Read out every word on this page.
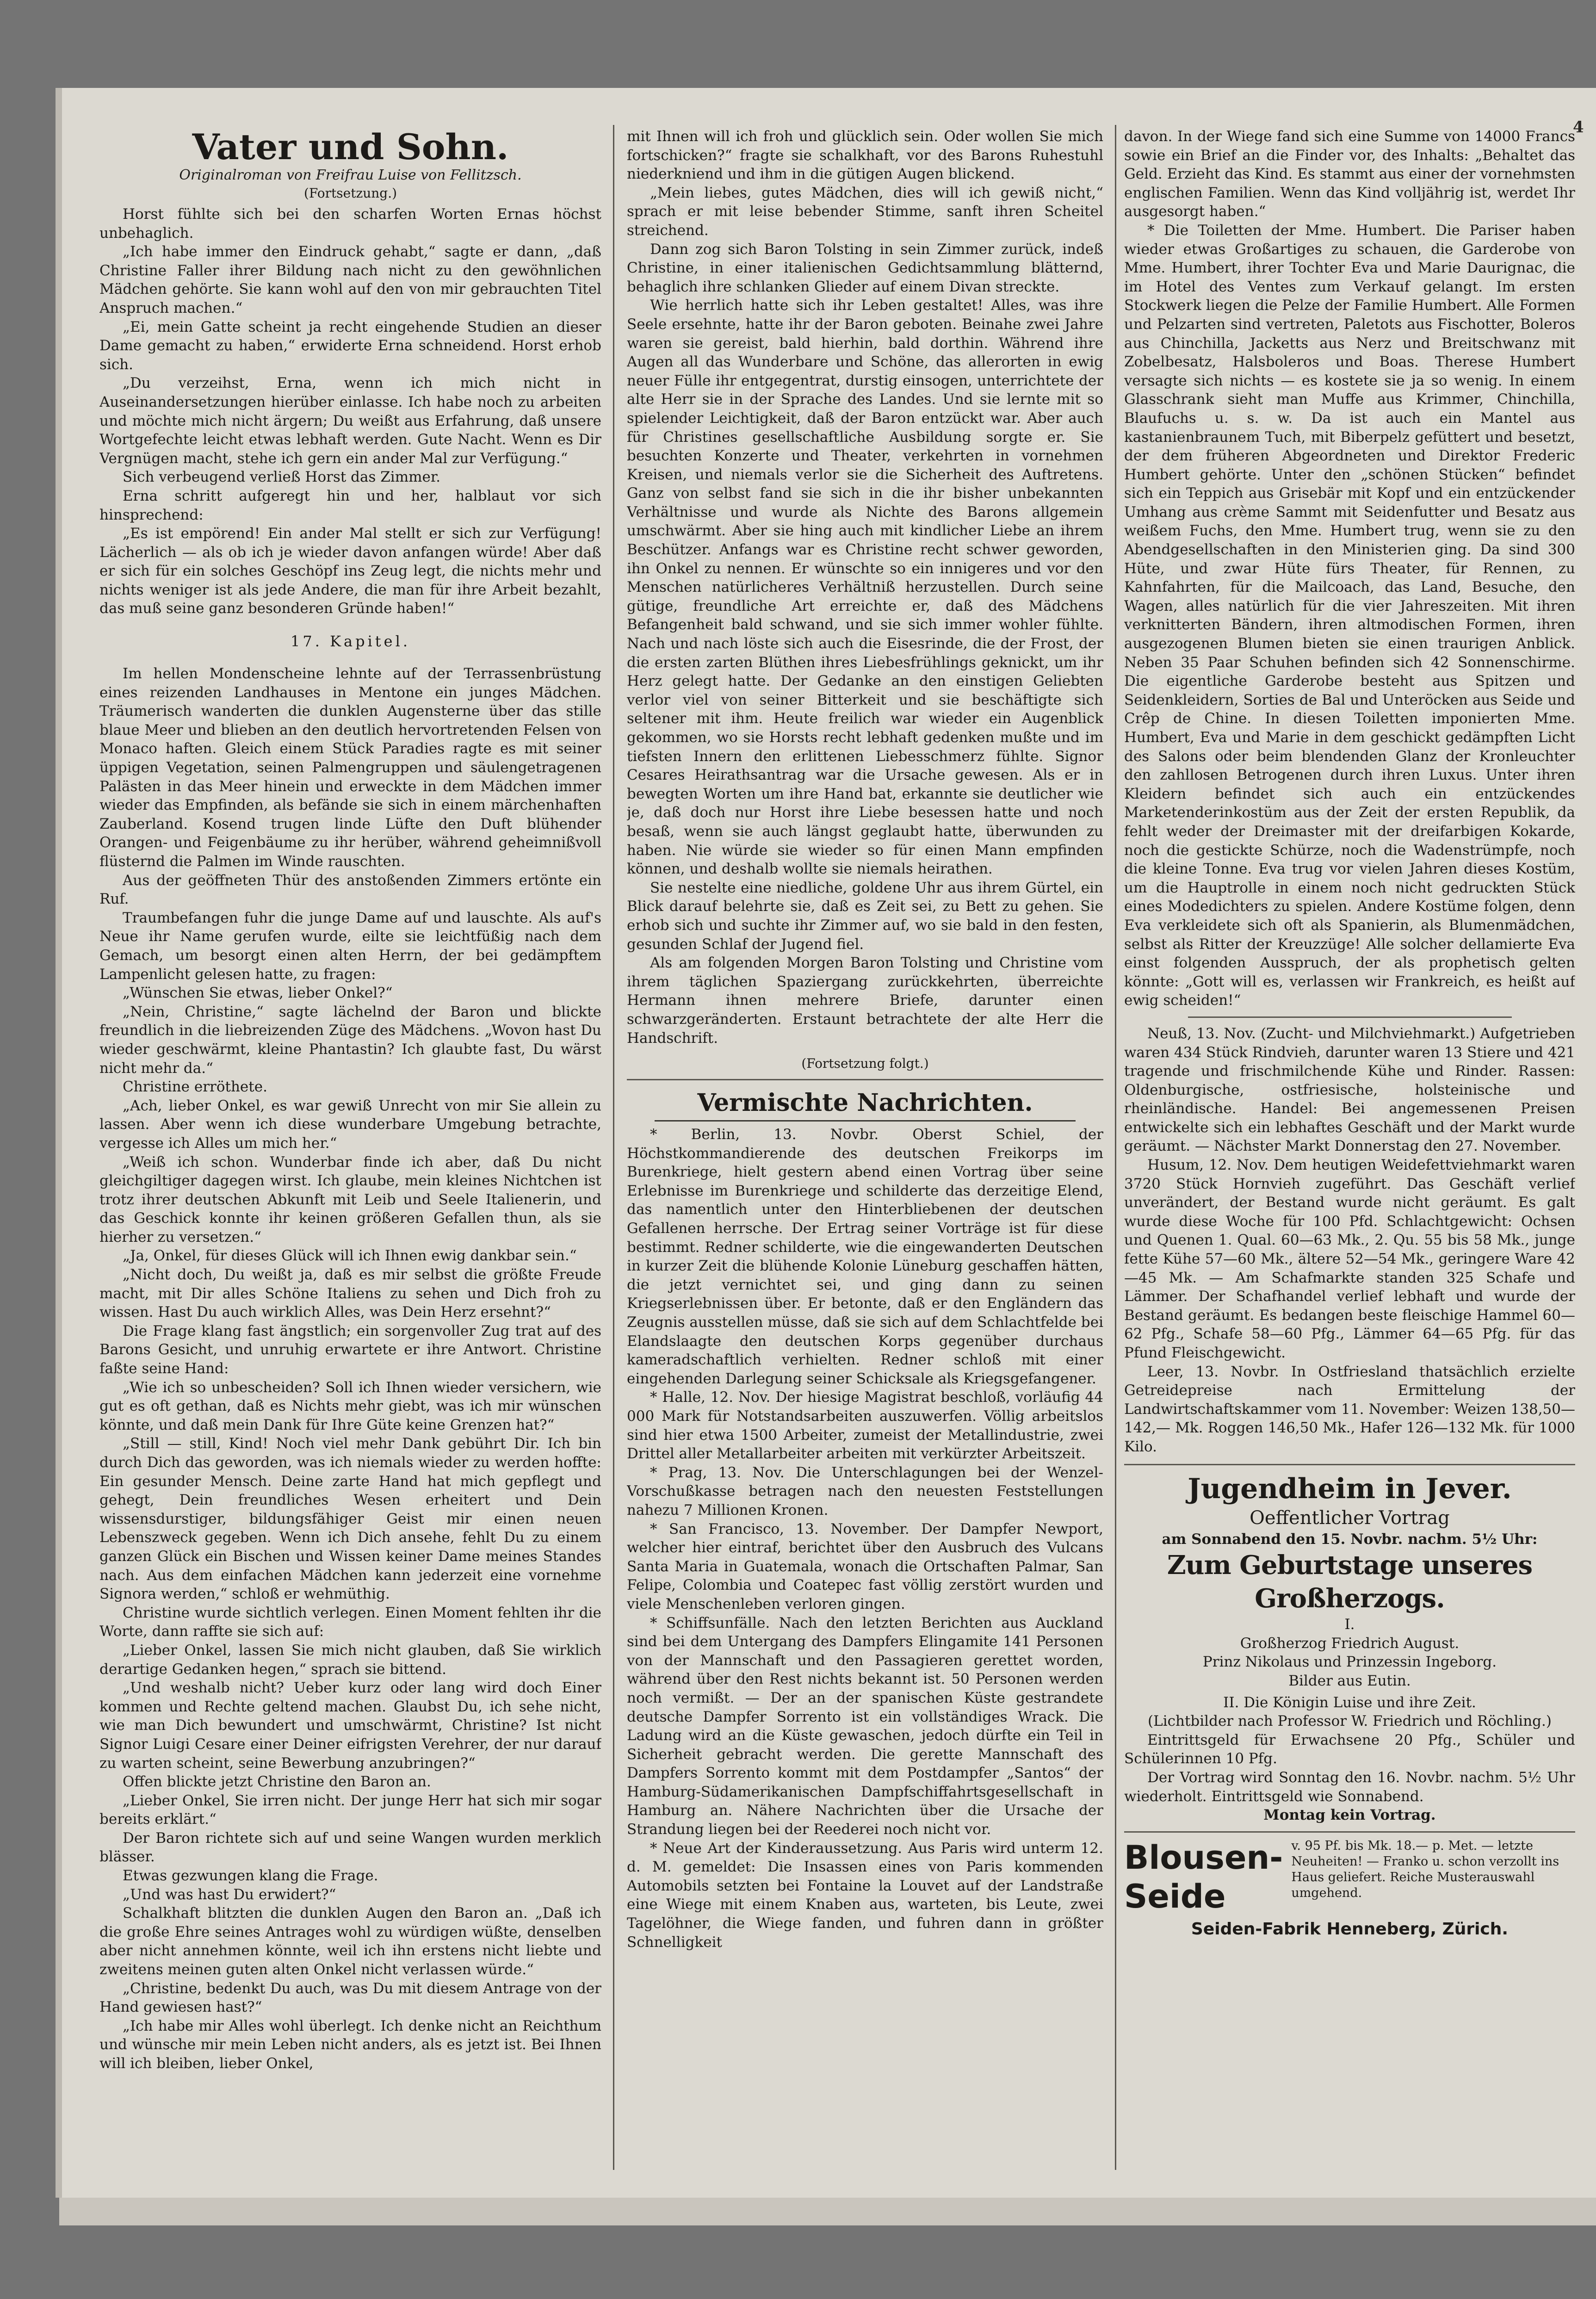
Vater und Sohn.
Originalroman von Freifrau Luise von Fellitzsch.
(Fortsetzung.)

Horst fühlte sich bei den scharfen Worten Ernas höchst unbehaglich.

„Ich habe immer den Eindruck gehabt,“ sagte er dann, „daß Christine Faller ihrer Bildung nach nicht zu den gewöhnlichen Mädchen gehörte. Sie kann wohl auf den von mir gebrauchten Titel Anspruch machen.“

„Ei, mein Gatte scheint ja recht eingehende Studien an dieser Dame gemacht zu haben,“ erwiderte Erna schneidend. Horst erhob sich.

„Du verzeihst, Erna, wenn ich mich nicht in Auseinandersetzungen hierüber einlasse. Ich habe noch zu arbeiten und möchte mich nicht ärgern; Du weißt aus Erfahrung, daß unsere Wortgefechte leicht etwas lebhaft werden. Gute Nacht. Wenn es Dir Vergnügen macht, stehe ich gern ein ander Mal zur Verfügung.“

Sich verbeugend verließ Horst das Zimmer.

Erna schritt aufgeregt hin und her, halblaut vor sich hinsprechend:

„Es ist empörend! Ein ander Mal stellt er sich zur Verfügung! Lächerlich — als ob ich je wieder davon anfangen würde! Aber daß er sich für ein solches Geschöpf ins Zeug legt, die nichts mehr und nichts weniger ist als jede Andere, die man für ihre Arbeit bezahlt, das muß seine ganz besonderen Gründe haben!“

17. Kapitel.

Im hellen Mondenscheine lehnte auf der Terrassenbrüstung eines reizenden Landhauses in Mentone ein junges Mädchen. Träumerisch wanderten die dunklen Augensterne über das stille blaue Meer und blieben an den deutlich hervortretenden Felsen von Monaco haften. Gleich einem Stück Paradies ragte es mit seiner üppigen Vegetation, seinen Palmengruppen und säulengetragenen Palästen in das Meer hinein und erweckte in dem Mädchen immer wieder das Empfinden, als befände sie sich in einem märchenhaften Zauberland. Kosend trugen linde Lüfte den Duft blühender Orangen- und Feigenbäume zu ihr herüber, während geheimnißvoll flüsternd die Palmen im Winde rauschten.

Aus der geöffneten Thür des anstoßenden Zimmers ertönte ein Ruf.

Traumbefangen fuhr die junge Dame auf und lauschte. Als auf's Neue ihr Name gerufen wurde, eilte sie leichtfüßig nach dem Gemach, um besorgt einen alten Herrn, der bei gedämpftem Lampenlicht gelesen hatte, zu fragen:

„Wünschen Sie etwas, lieber Onkel?“

„Nein, Christine,“ sagte lächelnd der Baron und blickte freundlich in die liebreizenden Züge des Mädchens. „Wovon hast Du wieder geschwärmt, kleine Phantastin? Ich glaubte fast, Du wärst nicht mehr da.“

Christine erröthete.

„Ach, lieber Onkel, es war gewiß Unrecht von mir Sie allein zu lassen. Aber wenn ich diese wunderbare Umgebung betrachte, vergesse ich Alles um mich her.“

„Weiß ich schon. Wunderbar finde ich aber, daß Du nicht gleichgiltiger dagegen wirst. Ich glaube, mein kleines Nichtchen ist trotz ihrer deutschen Abkunft mit Leib und Seele Italienerin, und das Geschick konnte ihr keinen größeren Gefallen thun, als sie hierher zu versetzen.“

„Ja, Onkel, für dieses Glück will ich Ihnen ewig dankbar sein.“

„Nicht doch, Du weißt ja, daß es mir selbst die größte Freude macht, mit Dir alles Schöne Italiens zu sehen und Dich froh zu wissen. Hast Du auch wirklich Alles, was Dein Herz ersehnt?“

Die Frage klang fast ängstlich; ein sorgenvoller Zug trat auf des Barons Gesicht, und unruhig erwartete er ihre Antwort. Christine faßte seine Hand:

„Wie ich so unbescheiden? Soll ich Ihnen wieder versichern, wie gut es oft gethan, daß es Nichts mehr giebt, was ich mir wünschen könnte, und daß mein Dank für Ihre Güte keine Grenzen hat?“

„Still — still, Kind! Noch viel mehr Dank gebührt Dir. Ich bin durch Dich das geworden, was ich niemals wieder zu werden hoffte: Ein gesunder Mensch. Deine zarte Hand hat mich gepflegt und gehegt, Dein freundliches Wesen erheitert und Dein wissensdurstiger, bildungsfähiger Geist mir einen neuen Lebenszweck gegeben. Wenn ich Dich ansehe, fehlt Du zu einem ganzen Glück ein Bischen und Wissen keiner Dame meines Standes nach. Aus dem einfachen Mädchen kann jederzeit eine vornehme Signora werden,“ schloß er wehmüthig.

Christine wurde sichtlich verlegen. Einen Moment fehlten ihr die Worte, dann raffte sie sich auf:

„Lieber Onkel, lassen Sie mich nicht glauben, daß Sie wirklich derartige Gedanken hegen,“ sprach sie bittend.

„Und weshalb nicht? Ueber kurz oder lang wird doch Einer kommen und Rechte geltend machen. Glaubst Du, ich sehe nicht, wie man Dich bewundert und umschwärmt, Christine? Ist nicht Signor Luigi Cesare einer Deiner eifrigsten Verehrer, der nur darauf zu warten scheint, seine Bewerbung anzubringen?“

Offen blickte jetzt Christine den Baron an.

„Lieber Onkel, Sie irren nicht. Der junge Herr hat sich mir sogar bereits erklärt.“

Der Baron richtete sich auf und seine Wangen wurden merklich blässer.

Etwas gezwungen klang die Frage.

„Und was hast Du erwidert?“

Schalkhaft blitzten die dunklen Augen den Baron an. „Daß ich die große Ehre seines Antrages wohl zu würdigen wüßte, denselben aber nicht annehmen könnte, weil ich ihn erstens nicht liebte und zweitens meinen guten alten Onkel nicht verlassen würde.“

„Christine, bedenkt Du auch, was Du mit diesem Antrage von der Hand gewiesen hast?“

„Ich habe mir Alles wohl überlegt. Ich denke nicht an Reichthum und wünsche mir mein Leben nicht anders, als es jetzt ist. Bei Ihnen will ich bleiben, lieber Onkel,

mit Ihnen will ich froh und glücklich sein. Oder wollen Sie mich fortschicken?“ fragte sie schalkhaft, vor des Barons Ruhestuhl niederkniend und ihm in die gütigen Augen blickend.

„Mein liebes, gutes Mädchen, dies will ich gewiß nicht,“ sprach er mit leise bebender Stimme, sanft ihren Scheitel streichend.

Dann zog sich Baron Tolsting in sein Zimmer zurück, indeß Christine, in einer italienischen Gedichtsammlung blätternd, behaglich ihre schlanken Glieder auf einem Divan streckte.

Wie herrlich hatte sich ihr Leben gestaltet! Alles, was ihre Seele ersehnte, hatte ihr der Baron geboten. Beinahe zwei Jahre waren sie gereist, bald hierhin, bald dorthin. Während ihre Augen all das Wunderbare und Schöne, das allerorten in ewig neuer Fülle ihr entgegentrat, durstig einsogen, unterrichtete der alte Herr sie in der Sprache des Landes. Und sie lernte mit so spielender Leichtigkeit, daß der Baron entzückt war. Aber auch für Christines gesellschaftliche Ausbildung sorgte er. Sie besuchten Konzerte und Theater, verkehrten in vornehmen Kreisen, und niemals verlor sie die Sicherheit des Auftretens. Ganz von selbst fand sie sich in die ihr bisher unbekannten Verhältnisse und wurde als Nichte des Barons allgemein umschwärmt. Aber sie hing auch mit kindlicher Liebe an ihrem Beschützer. Anfangs war es Christine recht schwer geworden, ihn Onkel zu nennen. Er wünschte so ein innigeres und vor den Menschen natürlicheres Verhältniß herzustellen. Durch seine gütige, freundliche Art erreichte er, daß des Mädchens Befangenheit bald schwand, und sie sich immer wohler fühlte. Nach und nach löste sich auch die Eisesrinde, die der Frost, der die ersten zarten Blüthen ihres Liebesfrühlings geknickt, um ihr Herz gelegt hatte. Der Gedanke an den einstigen Geliebten verlor viel von seiner Bitterkeit und sie beschäftigte sich seltener mit ihm. Heute freilich war wieder ein Augenblick gekommen, wo sie Horsts recht lebhaft gedenken mußte und im tiefsten Innern den erlittenen Liebesschmerz fühlte. Signor Cesares Heirathsantrag war die Ursache gewesen. Als er in bewegten Worten um ihre Hand bat, erkannte sie deutlicher wie je, daß doch nur Horst ihre Liebe besessen hatte und noch besaß, wenn sie auch längst geglaubt hatte, überwunden zu haben. Nie würde sie wieder so für einen Mann empfinden können, und deshalb wollte sie niemals heirathen.

Sie nestelte eine niedliche, goldene Uhr aus ihrem Gürtel, ein Blick darauf belehrte sie, daß es Zeit sei, zu Bett zu gehen. Sie erhob sich und suchte ihr Zimmer auf, wo sie bald in den festen, gesunden Schlaf der Jugend fiel.

Als am folgenden Morgen Baron Tolsting und Christine vom ihrem täglichen Spaziergang zurückkehrten, überreichte Hermann ihnen mehrere Briefe, darunter einen schwarzgeränderten. Erstaunt betrachtete der alte Herr die Handschrift.

(Fortsetzung folgt.)
Vermischte Nachrichten.

* Berlin, 13. Novbr. Oberst Schiel, der Höchstkommandierende des deutschen Freikorps im Burenkriege, hielt gestern abend einen Vortrag über seine Erlebnisse im Burenkriege und schilderte das derzeitige Elend, das namentlich unter den Hinterbliebenen der deutschen Gefallenen herrsche. Der Ertrag seiner Vorträge ist für diese bestimmt. Redner schilderte, wie die eingewanderten Deutschen in kurzer Zeit die blühende Kolonie Lüneburg geschaffen hätten, die jetzt vernichtet sei, und ging dann zu seinen Kriegserlebnissen über. Er betonte, daß er den Engländern das Zeugnis ausstellen müsse, daß sie sich auf dem Schlachtfelde bei Elandslaagte den deutschen Korps gegenüber durchaus kameradschaftlich verhielten. Redner schloß mit einer eingehenden Darlegung seiner Schicksale als Kriegsgefangener.

* Halle, 12. Nov. Der hiesige Magistrat beschloß, vorläufig 44 000 Mark für Notstandsarbeiten auszuwerfen. Völlig arbeitslos sind hier etwa 1500 Arbeiter, zumeist der Metallindustrie, zwei Drittel aller Metallarbeiter arbeiten mit verkürzter Arbeitszeit.

* Prag, 13. Nov. Die Unterschlagungen bei der Wenzel-Vorschußkasse betragen nach den neuesten Feststellungen nahezu 7 Millionen Kronen.

* San Francisco, 13. November. Der Dampfer Newport, welcher hier eintraf, berichtet über den Ausbruch des Vulcans Santa Maria in Guatemala, wonach die Ortschaften Palmar, San Felipe, Colombia und Coatepec fast völlig zerstört wurden und viele Menschenleben verloren gingen.

* Schiffsunfälle. Nach den letzten Berichten aus Auckland sind bei dem Untergang des Dampfers Elingamite 141 Personen von der Mannschaft und den Passagieren gerettet worden, während über den Rest nichts bekannt ist. 50 Personen werden noch vermißt. — Der an der spanischen Küste gestrandete deutsche Dampfer Sorrento ist ein vollständiges Wrack. Die Ladung wird an die Küste gewaschen, jedoch dürfte ein Teil in Sicherheit gebracht werden. Die gerette Mannschaft des Dampfers Sorrento kommt mit dem Postdampfer „Santos“ der Hamburg-Südamerikanischen Dampfschiffahrtsgesellschaft in Hamburg an. Nähere Nachrichten über die Ursache der Strandung liegen bei der Reederei noch nicht vor.

* Neue Art der Kinderaussetzung. Aus Paris wird unterm 12. d. M. gemeldet: Die Insassen eines von Paris kommenden Automobils setzten bei Fontaine la Louvet auf der Landstraße eine Wiege mit einem Knaben aus, warteten, bis Leute, zwei Tagelöhner, die Wiege fanden, und fuhren dann in größter Schnelligkeit

davon. In der Wiege fand sich eine Summe von 14000 Francs sowie ein Brief an die Finder vor, des Inhalts: „Behaltet das Geld. Erzieht das Kind. Es stammt aus einer der vornehmsten englischen Familien. Wenn das Kind volljährig ist, werdet Ihr ausgesorgt haben.“

* Die Toiletten der Mme. Humbert. Die Pariser haben wieder etwas Großartiges zu schauen, die Garderobe von Mme. Humbert, ihrer Tochter Eva und Marie Daurignac, die im Hotel des Ventes zum Verkauf gelangt. Im ersten Stockwerk liegen die Pelze der Familie Humbert. Alle Formen und Pelzarten sind vertreten, Paletots aus Fischotter, Boleros aus Chinchilla, Jacketts aus Nerz und Breitschwanz mit Zobelbesatz, Halsboleros und Boas. Therese Humbert versagte sich nichts — es kostete sie ja so wenig. In einem Glasschrank sieht man Muffe aus Krimmer, Chinchilla, Blaufuchs u. s. w. Da ist auch ein Mantel aus kastanienbraunem Tuch, mit Biberpelz gefüttert und besetzt, der dem früheren Abgeordneten und Direktor Frederic Humbert gehörte. Unter den „schönen Stücken“ befindet sich ein Teppich aus Grisebär mit Kopf und ein entzückender Umhang aus crème Sammt mit Seidenfutter und Besatz aus weißem Fuchs, den Mme. Humbert trug, wenn sie zu den Abendgesellschaften in den Ministerien ging. Da sind 300 Hüte, und zwar Hüte fürs Theater, für Rennen, zu Kahnfahrten, für die Mailcoach, das Land, Besuche, den Wagen, alles natürlich für die vier Jahreszeiten. Mit ihren verknitterten Bändern, ihren altmodischen Formen, ihren ausgezogenen Blumen bieten sie einen traurigen Anblick. Neben 35 Paar Schuhen befinden sich 42 Sonnenschirme. Die eigentliche Garderobe besteht aus Spitzen und Seidenkleidern, Sorties de Bal und Unteröcken aus Seide und Crêp de Chine. In diesen Toiletten imponierten Mme. Humbert, Eva und Marie in dem geschickt gedämpften Licht des Salons oder beim blendenden Glanz der Kronleuchter den zahllosen Betrogenen durch ihren Luxus. Unter ihren Kleidern befindet sich auch ein entzückendes Marketenderinkostüm aus der Zeit der ersten Republik, da fehlt weder der Dreimaster mit der dreifarbigen Kokarde, noch die gestickte Schürze, noch die Wadenstrümpfe, noch die kleine Tonne. Eva trug vor vielen Jahren dieses Kostüm, um die Hauptrolle in einem noch nicht gedruckten Stück eines Modedichters zu spielen. Andere Kostüme folgen, denn Eva verkleidete sich oft als Spanierin, als Blumenmädchen, selbst als Ritter der Kreuzzüge! Alle solcher dellamierte Eva einst folgenden Ausspruch, der als prophetisch gelten könnte: „Gott will es, verlassen wir Frankreich, es heißt auf ewig scheiden!“

Neuß, 13. Nov. (Zucht- und Milchviehmarkt.) Aufgetrieben waren 434 Stück Rindvieh, darunter waren 13 Stiere und 421 tragende und frischmilchende Kühe und Rinder. Rassen: Oldenburgische, ostfriesische, holsteinische und rheinländische. Handel: Bei angemessenen Preisen entwickelte sich ein lebhaftes Geschäft und der Markt wurde geräumt. — Nächster Markt Donnerstag den 27. November.

Husum, 12. Nov. Dem heutigen Weidefettviehmarkt waren 3720 Stück Hornvieh zugeführt. Das Geschäft verlief unverändert, der Bestand wurde nicht geräumt. Es galt wurde diese Woche für 100 Pfd. Schlachtgewicht: Ochsen und Quenen 1. Qual. 60—63 Mk., 2. Qu. 55 bis 58 Mk., junge fette Kühe 57—60 Mk., ältere 52—54 Mk., geringere Ware 42—45 Mk. — Am Schafmarkte standen 325 Schafe und Lämmer. Der Schafhandel verlief lebhaft und wurde der Bestand geräumt. Es bedangen beste fleischige Hammel 60—62 Pfg., Schafe 58—60 Pfg., Lämmer 64—65 Pfg. für das Pfund Fleischgewicht.

Leer, 13. Novbr. In Ostfriesland thatsächlich erzielte Getreidepreise nach Ermittelung der Landwirtschaftskammer vom 11. November: Weizen 138,50—142,— Mk. Roggen 146,50 Mk., Hafer 126—132 Mk. für 1000 Kilo.

Jugendheim in Jever.
Oeffentlicher Vortrag
am Sonnabend den 15. Novbr. nachm. 5½ Uhr:
Zum Geburtstage unseres Großherzogs.
I.
Großherzog Friedrich August.
Prinz Nikolaus und Prinzessin Ingeborg.
Bilder aus Eutin.
II. Die Königin Luise und ihre Zeit.
(Lichtbilder nach Professor W. Friedrich und Röchling.)

Eintrittsgeld für Erwachsene 20 Pfg., Schüler und Schülerinnen 10 Pfg.

Der Vortrag wird Sonntag den 16. Novbr. nachm. 5½ Uhr wiederholt. Eintrittsgeld wie Sonnabend.

Montag kein Vortrag.
Blousen-Seide
v. 95 Pf. bis Mk. 18.— p. Met. — letzte Neuheiten! — Franko u. schon verzollt ins Haus geliefert. Reiche Musterauswahl umgehend.
Seiden-Fabrik Henneberg, Zürich.
4
